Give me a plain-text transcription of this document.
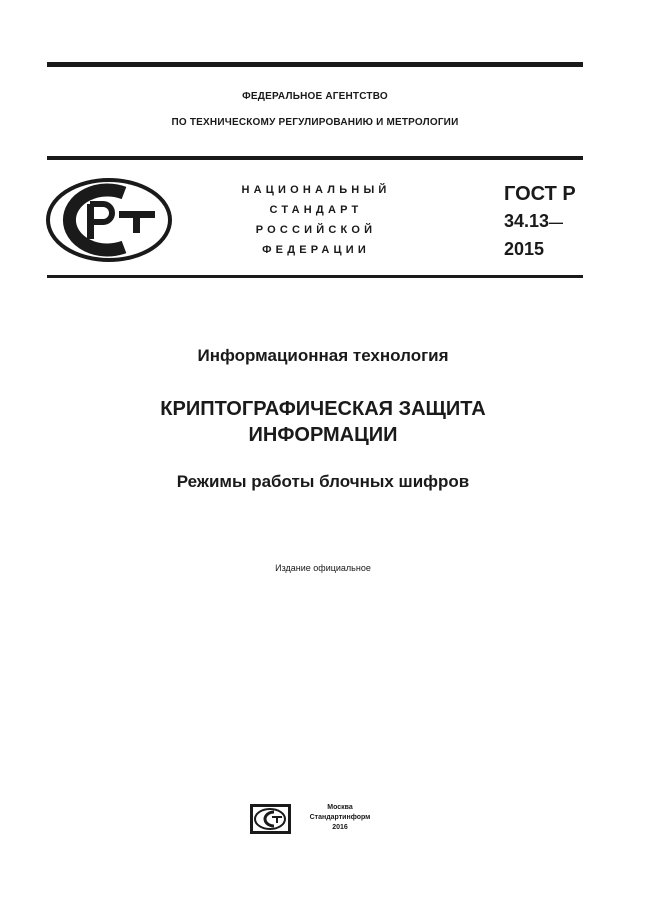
ФЕДЕРАЛЬНОЕ АГЕНТСТВО
ПО ТЕХНИЧЕСКОМУ РЕГУЛИРОВАНИЮ И МЕТРОЛОГИИ
НАЦИОНАЛЬНЫЙ
СТАНДАРТ
РОССИЙСКОЙ
ФЕДЕРАЦИИ
ГОСТ Р
34.13—
2015
Информационная технология
КРИПТОГРАФИЧЕСКАЯ ЗАЩИТА
ИНФОРМАЦИИ
Режимы работы блочных шифров
Издание официальное
Москва
Стандартинформ
2016
